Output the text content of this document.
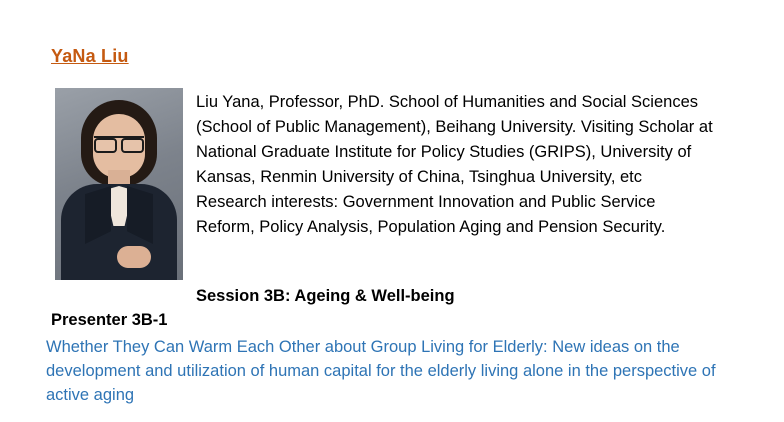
YaNa Liu
Liu Yana, Professor, PhD. School of Humanities and Social Sciences (School of Public Management), Beihang University. Visiting Scholar at National Graduate Institute for Policy Studies (GRIPS), University of Kansas, Renmin University of China, Tsinghua University, etc
Research interests: Government Innovation and Public Service Reform, Policy Analysis, Population Aging and Pension Security.
Session 3B: Ageing & Well-being
Presenter 3B-1
Whether They Can Warm Each Other about Group Living for Elderly: New ideas on the development and utilization of human capital for the elderly living alone in the perspective of active aging
